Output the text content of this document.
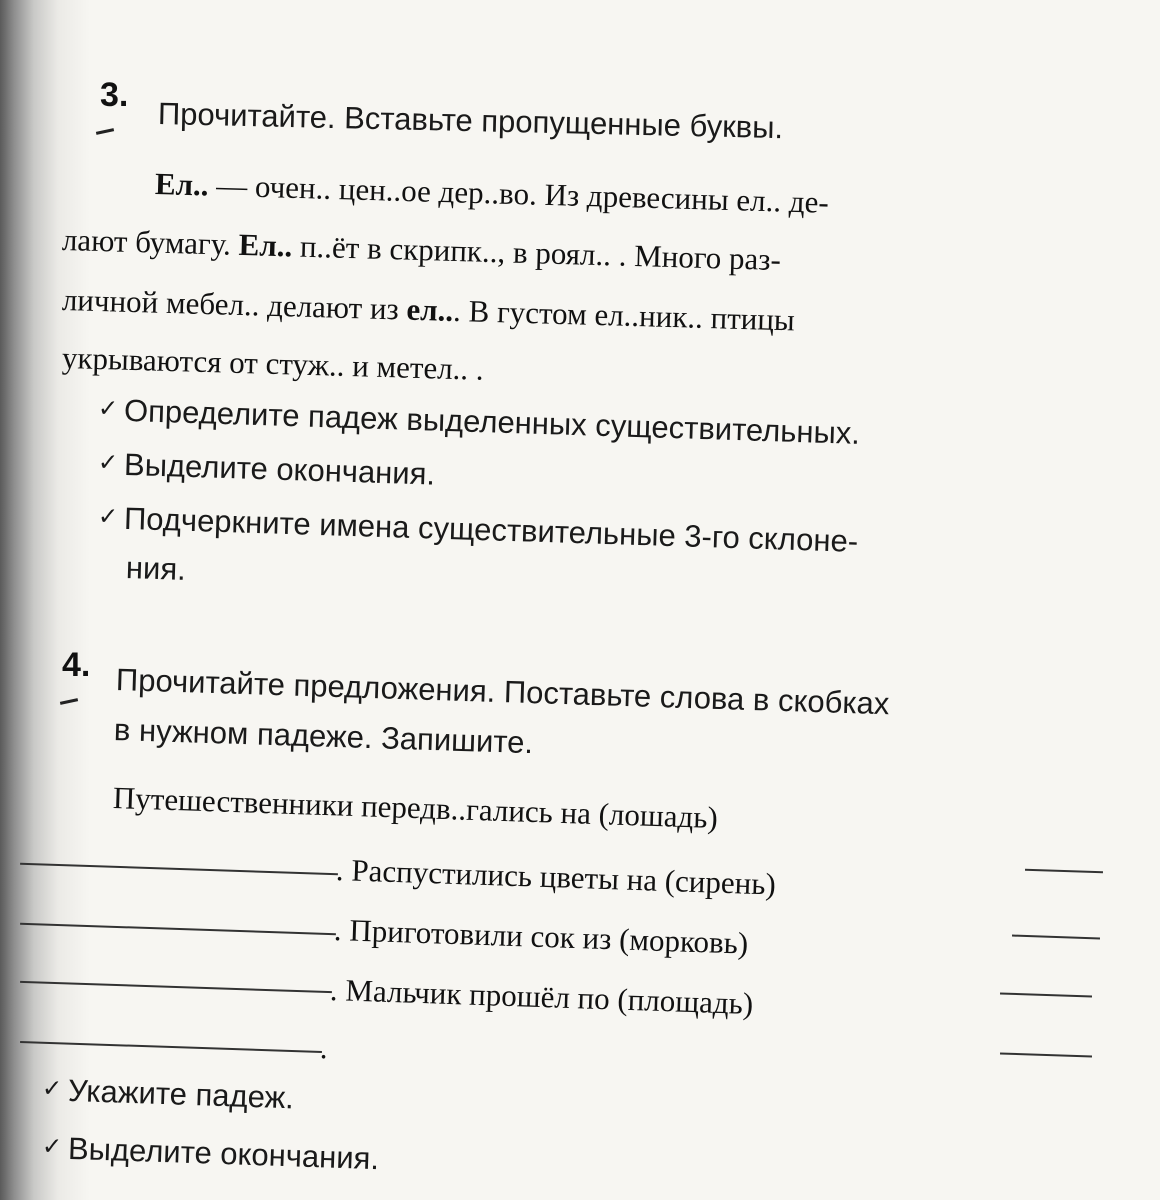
3.
Прочитайте. Вставьте пропущенные буквы.
Ел.. — очен.. цен..ое дер..во. Из древесины ел.. де-
лают бумагу. Ел.. п..ёт в скрипк.., в роял.. . Много раз-
личной мебел.. делают из ел... В густом ел..ник.. птицы
укрываются от стуж.. и метел.. .
✓ Определите падеж выделенных существительных.
✓ Выделите окончания.
✓ Подчеркните имена существительные 3-го склоне-
ния.
4. Прочитайте предложения. Поставьте слова в скобках
в нужном падеже. Запишите.
Путешественники передв..гались на (лошадь)
. Распустились цветы на (сирень)
. Приготовили сок из (морковь)
. Мальчик прошёл по (площадь)
.
✓ Укажите падеж.
✓ Выделите окончания.
